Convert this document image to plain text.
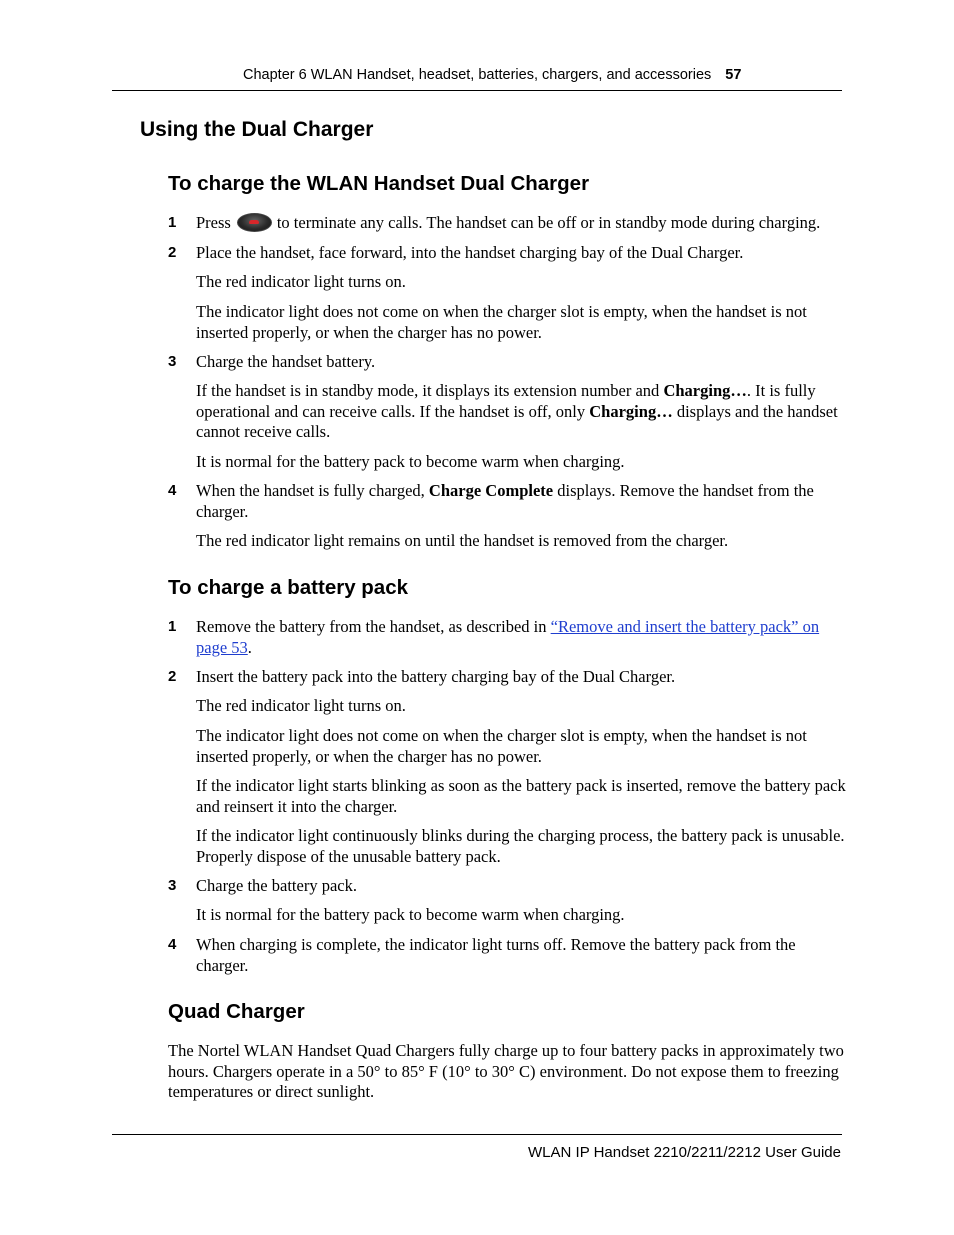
Chapter 6 WLAN Handset, headset, batteries, chargers, and accessories 57
Using the Dual Charger
To charge the WLAN Handset Dual Charger
1 Press	to terminate any calls. The handset can be off or in standby mode during charging.
2 Place the handset, face forward, into the handset charging bay of the Dual Charger.
The red indicator light turns on.
The indicator light does not come on when the charger slot is empty, when the handset is not inserted properly, or when the charger has no power.
3 Charge the handset battery.
If the handset is in standby mode, it displays its extension number and Charging…. It is fully operational and can receive calls. If the handset is off, only Charging… displays and the handset cannot receive calls.
It is normal for the battery pack to become warm when charging.
4 When the handset is fully charged, Charge Complete displays. Remove the handset from the charger.
The red indicator light remains on until the handset is removed from the charger.
To charge a battery pack
1 Remove the battery from the handset, as described in “Remove and insert the battery pack” on page 53.
2 Insert the battery pack into the battery charging bay of the Dual Charger.
The red indicator light turns on.
The indicator light does not come on when the charger slot is empty, when the handset is not inserted properly, or when the charger has no power.
If the indicator light starts blinking as soon as the battery pack is inserted, remove the battery pack and reinsert it into the charger.
If the indicator light continuously blinks during the charging process, the battery pack is unusable. Properly dispose of the unusable battery pack.
3 Charge the battery pack.
It is normal for the battery pack to become warm when charging.
4 When charging is complete, the indicator light turns off. Remove the battery pack from the charger.
Quad Charger
The Nortel WLAN Handset Quad Chargers fully charge up to four battery packs in approximately two hours. Chargers operate in a 50° to 85° F (10° to 30° C) environment. Do not expose them to freezing temperatures or direct sunlight.
WLAN IP Handset 2210/2211/2212 User Guide
